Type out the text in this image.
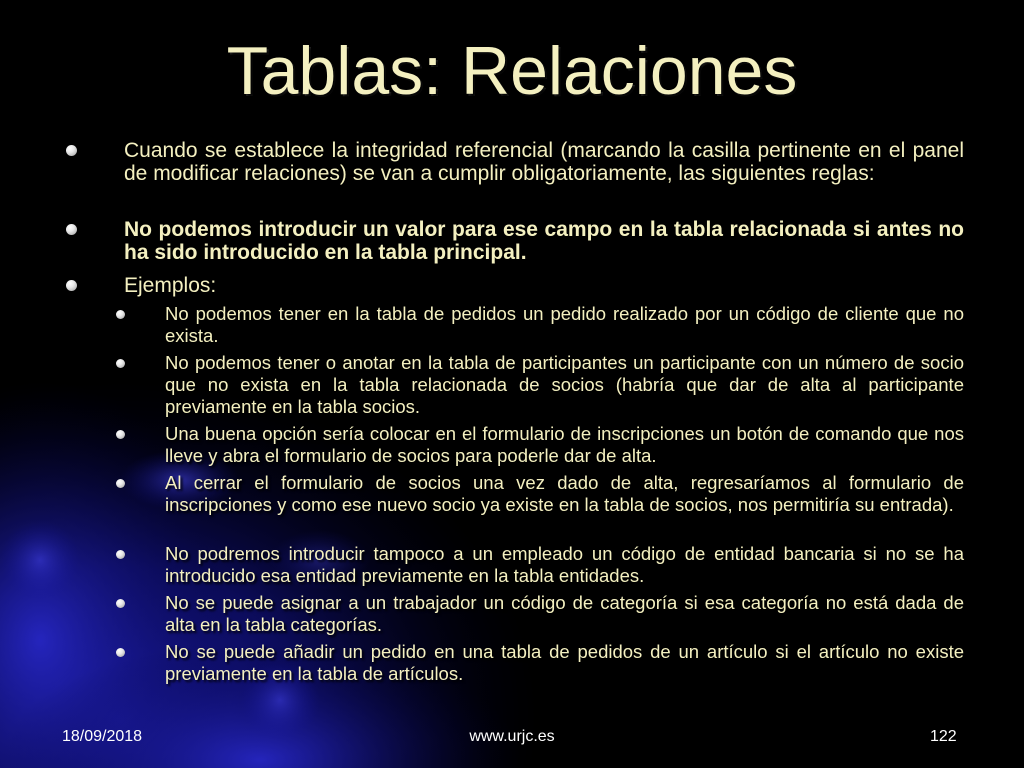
Tablas: Relaciones
Cuando se establece la integridad referencial (marcando la casilla pertinente en el panel de modificar relaciones) se van a cumplir obligatoriamente, las siguientes reglas:
No podemos introducir un valor para ese campo en la tabla relacionada si antes no ha sido introducido en la tabla principal.
Ejemplos:
No podemos tener en la tabla de pedidos un pedido realizado por un código de cliente que no exista.
No podemos tener o anotar en la tabla de participantes un participante con un número de socio que no exista en la tabla relacionada de socios (habría que dar de alta al participante previamente en la tabla socios.
Una buena opción sería colocar en el formulario de inscripciones un botón de comando que nos lleve y abra el formulario de socios para poderle dar de alta.
Al cerrar el formulario de socios una vez dado de alta, regresaríamos al formulario de inscripciones y como ese nuevo socio ya existe en la tabla de socios, nos permitiría su entrada).
No podremos introducir tampoco a un empleado un código de entidad bancaria si no se ha introducido esa entidad previamente en la tabla entidades.
No se puede asignar a un trabajador un código de categoría si esa categoría no está dada de alta en la tabla categorías.
No se puede añadir un pedido en una tabla de pedidos de un artículo si el artículo no existe previamente en la tabla de artículos.
18/09/2018	www.urjc.es	122
